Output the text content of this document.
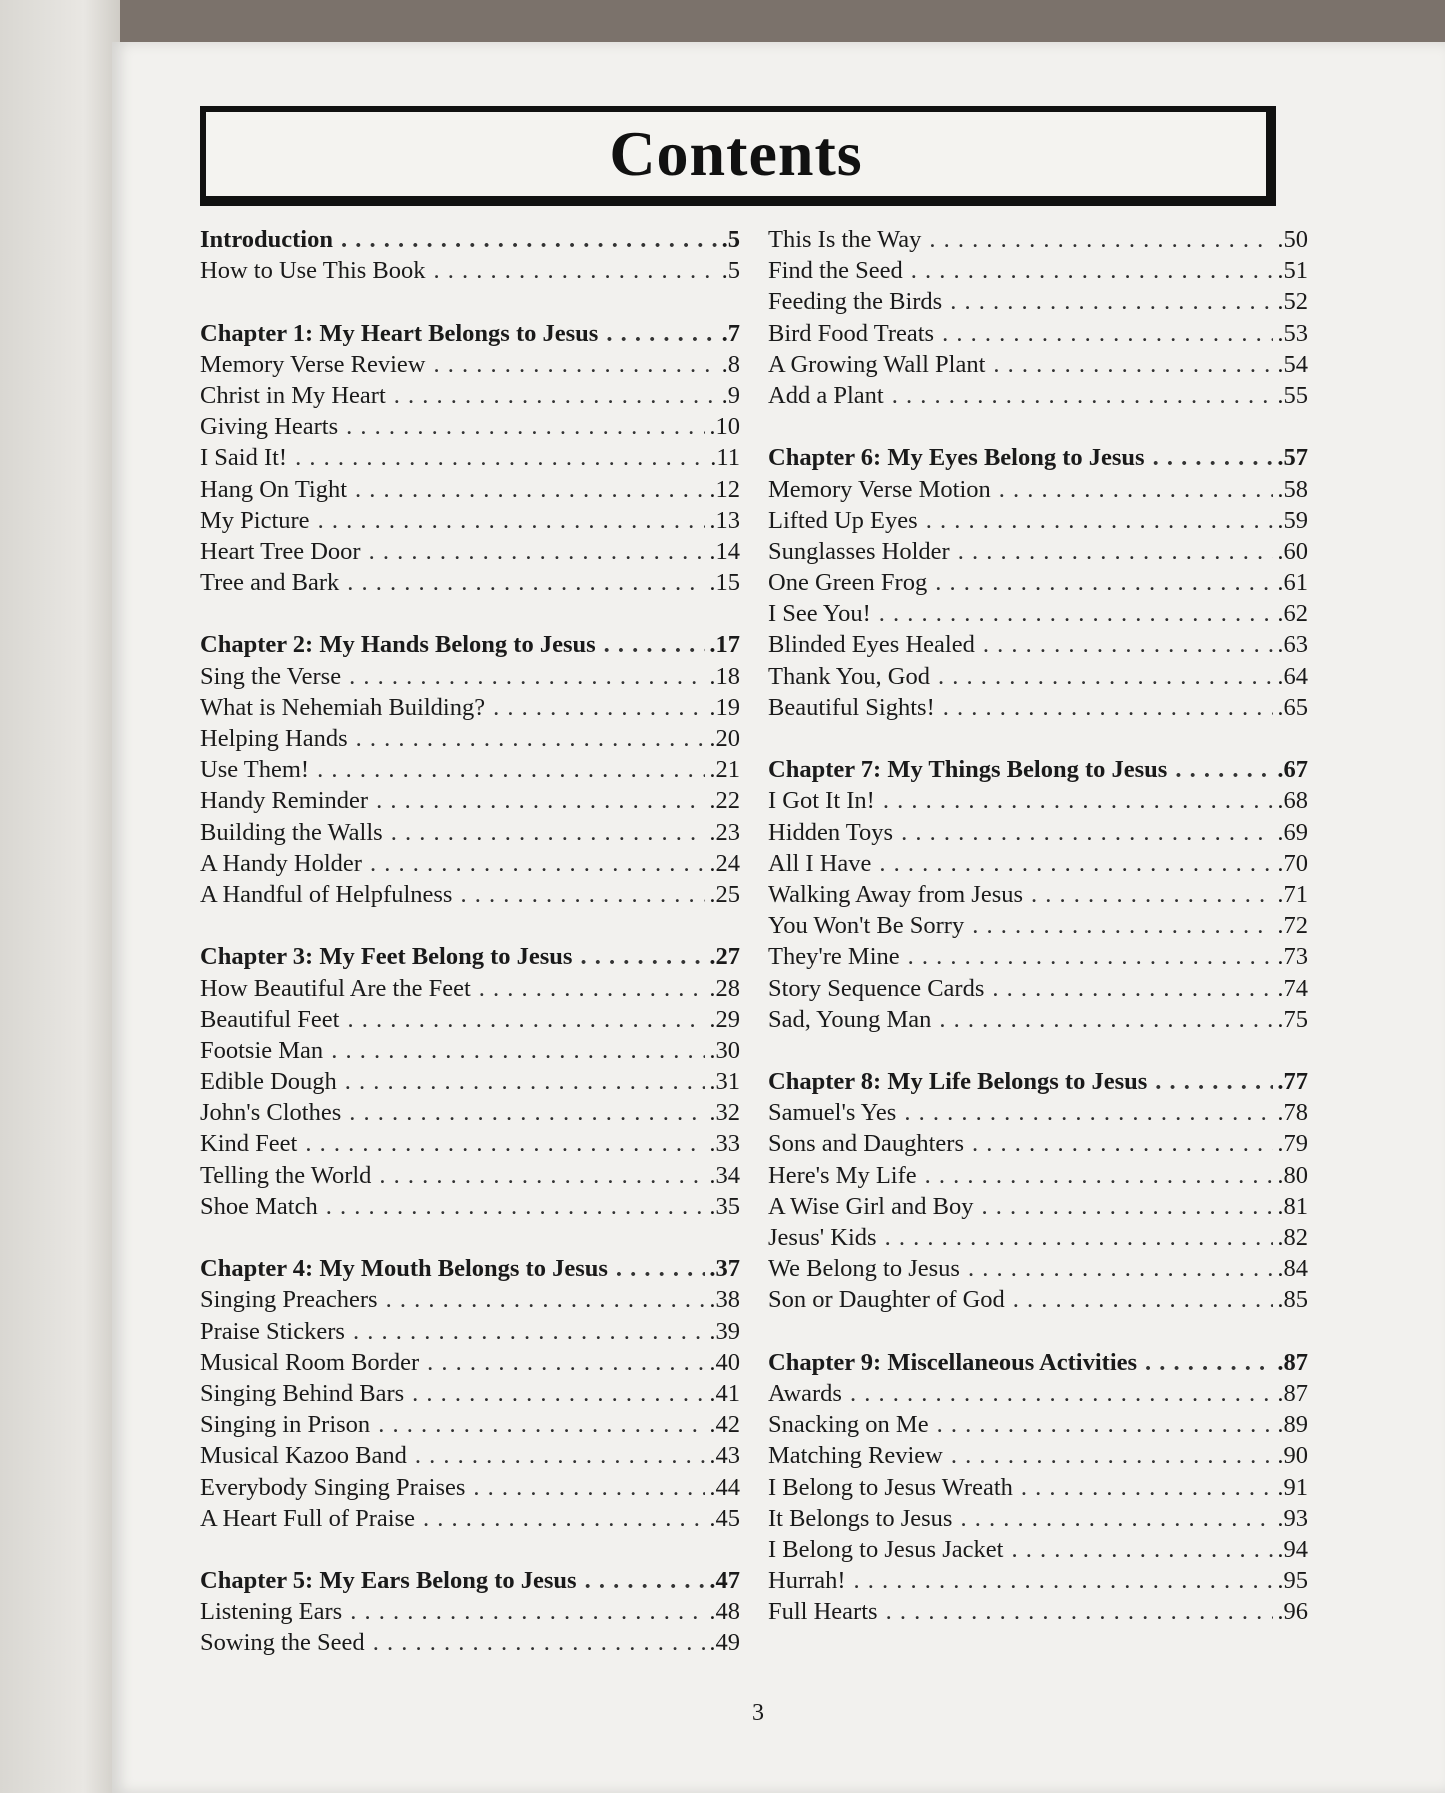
Contents
Introduction . . .	.5
How to Use This Book . . .	.5
Chapter 1: My Heart Belongs to Jesus . . .	.7
Memory Verse Review . . .	.8
Christ in My Heart . . .	.9
Giving Hearts . . .	.10
I Said It! . . .	.11
Hang On Tight . . .	.12
My Picture . . .	.13
Heart Tree Door . . .	.14
Tree and Bark . . .	.15
Chapter 2: My Hands Belong to Jesus . . .	.17
Sing the Verse . . .	.18
What is Nehemiah Building? . . .	.19
Helping Hands . . .	.20
Use Them! . . .	.21
Handy Reminder . . .	.22
Building the Walls . . .	.23
A Handy Holder . . .	.24
A Handful of Helpfulness . . .	.25
Chapter 3: My Feet Belong to Jesus . . .	.27
How Beautiful Are the Feet . . .	.28
Beautiful Feet . . .	.29
Footsie Man . . .	.30
Edible Dough . . .	.31
John's Clothes . . .	.32
Kind Feet . . .	.33
Telling the World . . .	.34
Shoe Match . . .	.35
Chapter 4: My Mouth Belongs to Jesus . . .	.37
Singing Preachers . . .	.38
Praise Stickers . . .	.39
Musical Room Border . . .	.40
Singing Behind Bars . . .	.41
Singing in Prison . . .	.42
Musical Kazoo Band . . .	.43
Everybody Singing Praises . . .	.44
A Heart Full of Praise . . .	.45
Chapter 5: My Ears Belong to Jesus . . .	.47
Listening Ears . . .	.48
Sowing the Seed . . .	.49
This Is the Way . . .	.50
Find the Seed . . .	.51
Feeding the Birds . . .	.52
Bird Food Treats . . .	.53
A Growing Wall Plant . . .	.54
Add a Plant . . .	.55
Chapter 6: My Eyes Belong to Jesus . . .	.57
Memory Verse Motion . . .	.58
Lifted Up Eyes . . .	.59
Sunglasses Holder . . .	.60
One Green Frog . . .	.61
I See You! . . .	.62
Blinded Eyes Healed . . .	.63
Thank You, God . . .	.64
Beautiful Sights! . . .	.65
Chapter 7: My Things Belong to Jesus . . .	.67
I Got It In! . . .	.68
Hidden Toys . . .	.69
All I Have . . .	.70
Walking Away from Jesus . . .	.71
You Won't Be Sorry . . .	.72
They're Mine . . .	.73
Story Sequence Cards . . .	.74
Sad, Young Man . . .	.75
Chapter 8: My Life Belongs to Jesus . . .	.77
Samuel's Yes . . .	.78
Sons and Daughters . . .	.79
Here's My Life . . .	.80
A Wise Girl and Boy . . .	.81
Jesus' Kids . . .	.82
We Belong to Jesus . . .	.84
Son or Daughter of God . . .	.85
Chapter 9: Miscellaneous Activities . . .	.87
Awards . . .	.87
Snacking on Me . . .	.89
Matching Review . . .	.90
I Belong to Jesus Wreath . . .	.91
It Belongs to Jesus . . .	.93
I Belong to Jesus Jacket . . .	.94
Hurrah! . . .	.95
Full Hearts . . .	.96
3
